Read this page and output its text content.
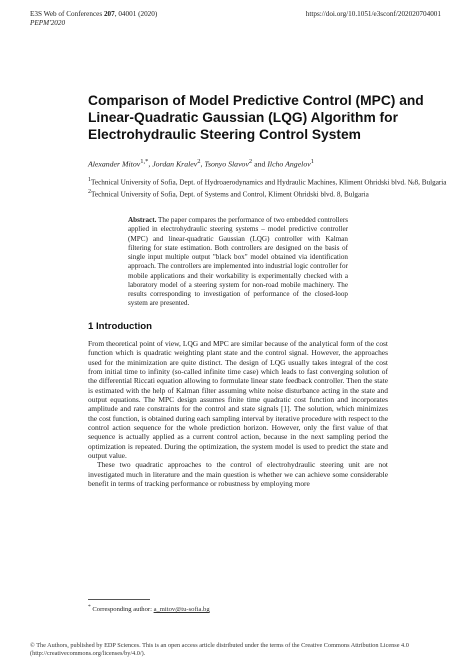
E3S Web of Conferences 207, 04001 (2020)
PEPM'2020
https://doi.org/10.1051/e3sconf/202020704001
Comparison of Model Predictive Control (MPC) and Linear-Quadratic Gaussian (LQG) Algorithm for Electrohydraulic Steering Control System
Alexander Mitov$^{1,*}$, Jordan Kralev$^2$, Tsonyo Slavov$^2$ and Ilcho Angelov$^1$
$^1$Technical University of Sofia, Dept. of Hydroaerodynamics and Hydraulic Machines, Kliment Ohridski blvd. №8, Bulgaria
$^2$Technical University of Sofia, Dept. of Systems and Control, Kliment Ohridski blvd. 8, Bulgaria
Abstract. The paper compares the performance of two embedded controllers applied in electrohydraulic steering systems – model predictive controller (MPC) and linear-quadratic Gaussian (LQG) controller with Kalman filtering for state estimation. Both controllers are designed on the basis of single input multiple output "black box" model obtained via identification approach. The controllers are implemented into industrial logic controller for mobile applications and their workability is experimentally checked with a laboratory model of a steering system for non-road mobile machinery. The results corresponding to investigation of performance of the closed-loop system are presented.
1 Introduction

From theoretical point of view, LQG and MPC are similar because of the analytical form of the cost function which is quadratic weighting plant state and the control signal. However, the approaches used for the minimization are quite distinct. The design of LQG usually takes integral of the cost from initial time to infinity (so-called infinite time case) which leads to fast converging solution of the differential Riccati equation allowing to formulate linear state feedback controller. Then the state is estimated with the help of Kalman filter assuming white noise disturbance acting in the state and output equations. The MPC design assumes finite time quadratic cost function and incorporates amplitude and rate constraints for the control and state signals [1]. The solution, which minimizes the cost function, is obtained during each sampling interval by iterative procedure with respect to the control action sequence for the whole prediction horizon. However, only the first value of that sequence is actually applied as a current control action, because in the next sampling period the optimization is repeated. During the optimization, the system model is used to predict the state and output value.

These two quadratic approaches to the control of electrohydraulic steering unit are not investigated much in literature and the main question is whether we can achieve some considerable benefit in terms of tracking performance or robustness by employing more

* Corresponding author: a_mitov@tu-sofia.bg
© The Authors, published by EDP Sciences. This is an open access article distributed under the terms of the Creative Commons Attribution License 4.0
(http://creativecommons.org/licenses/by/4.0/).
